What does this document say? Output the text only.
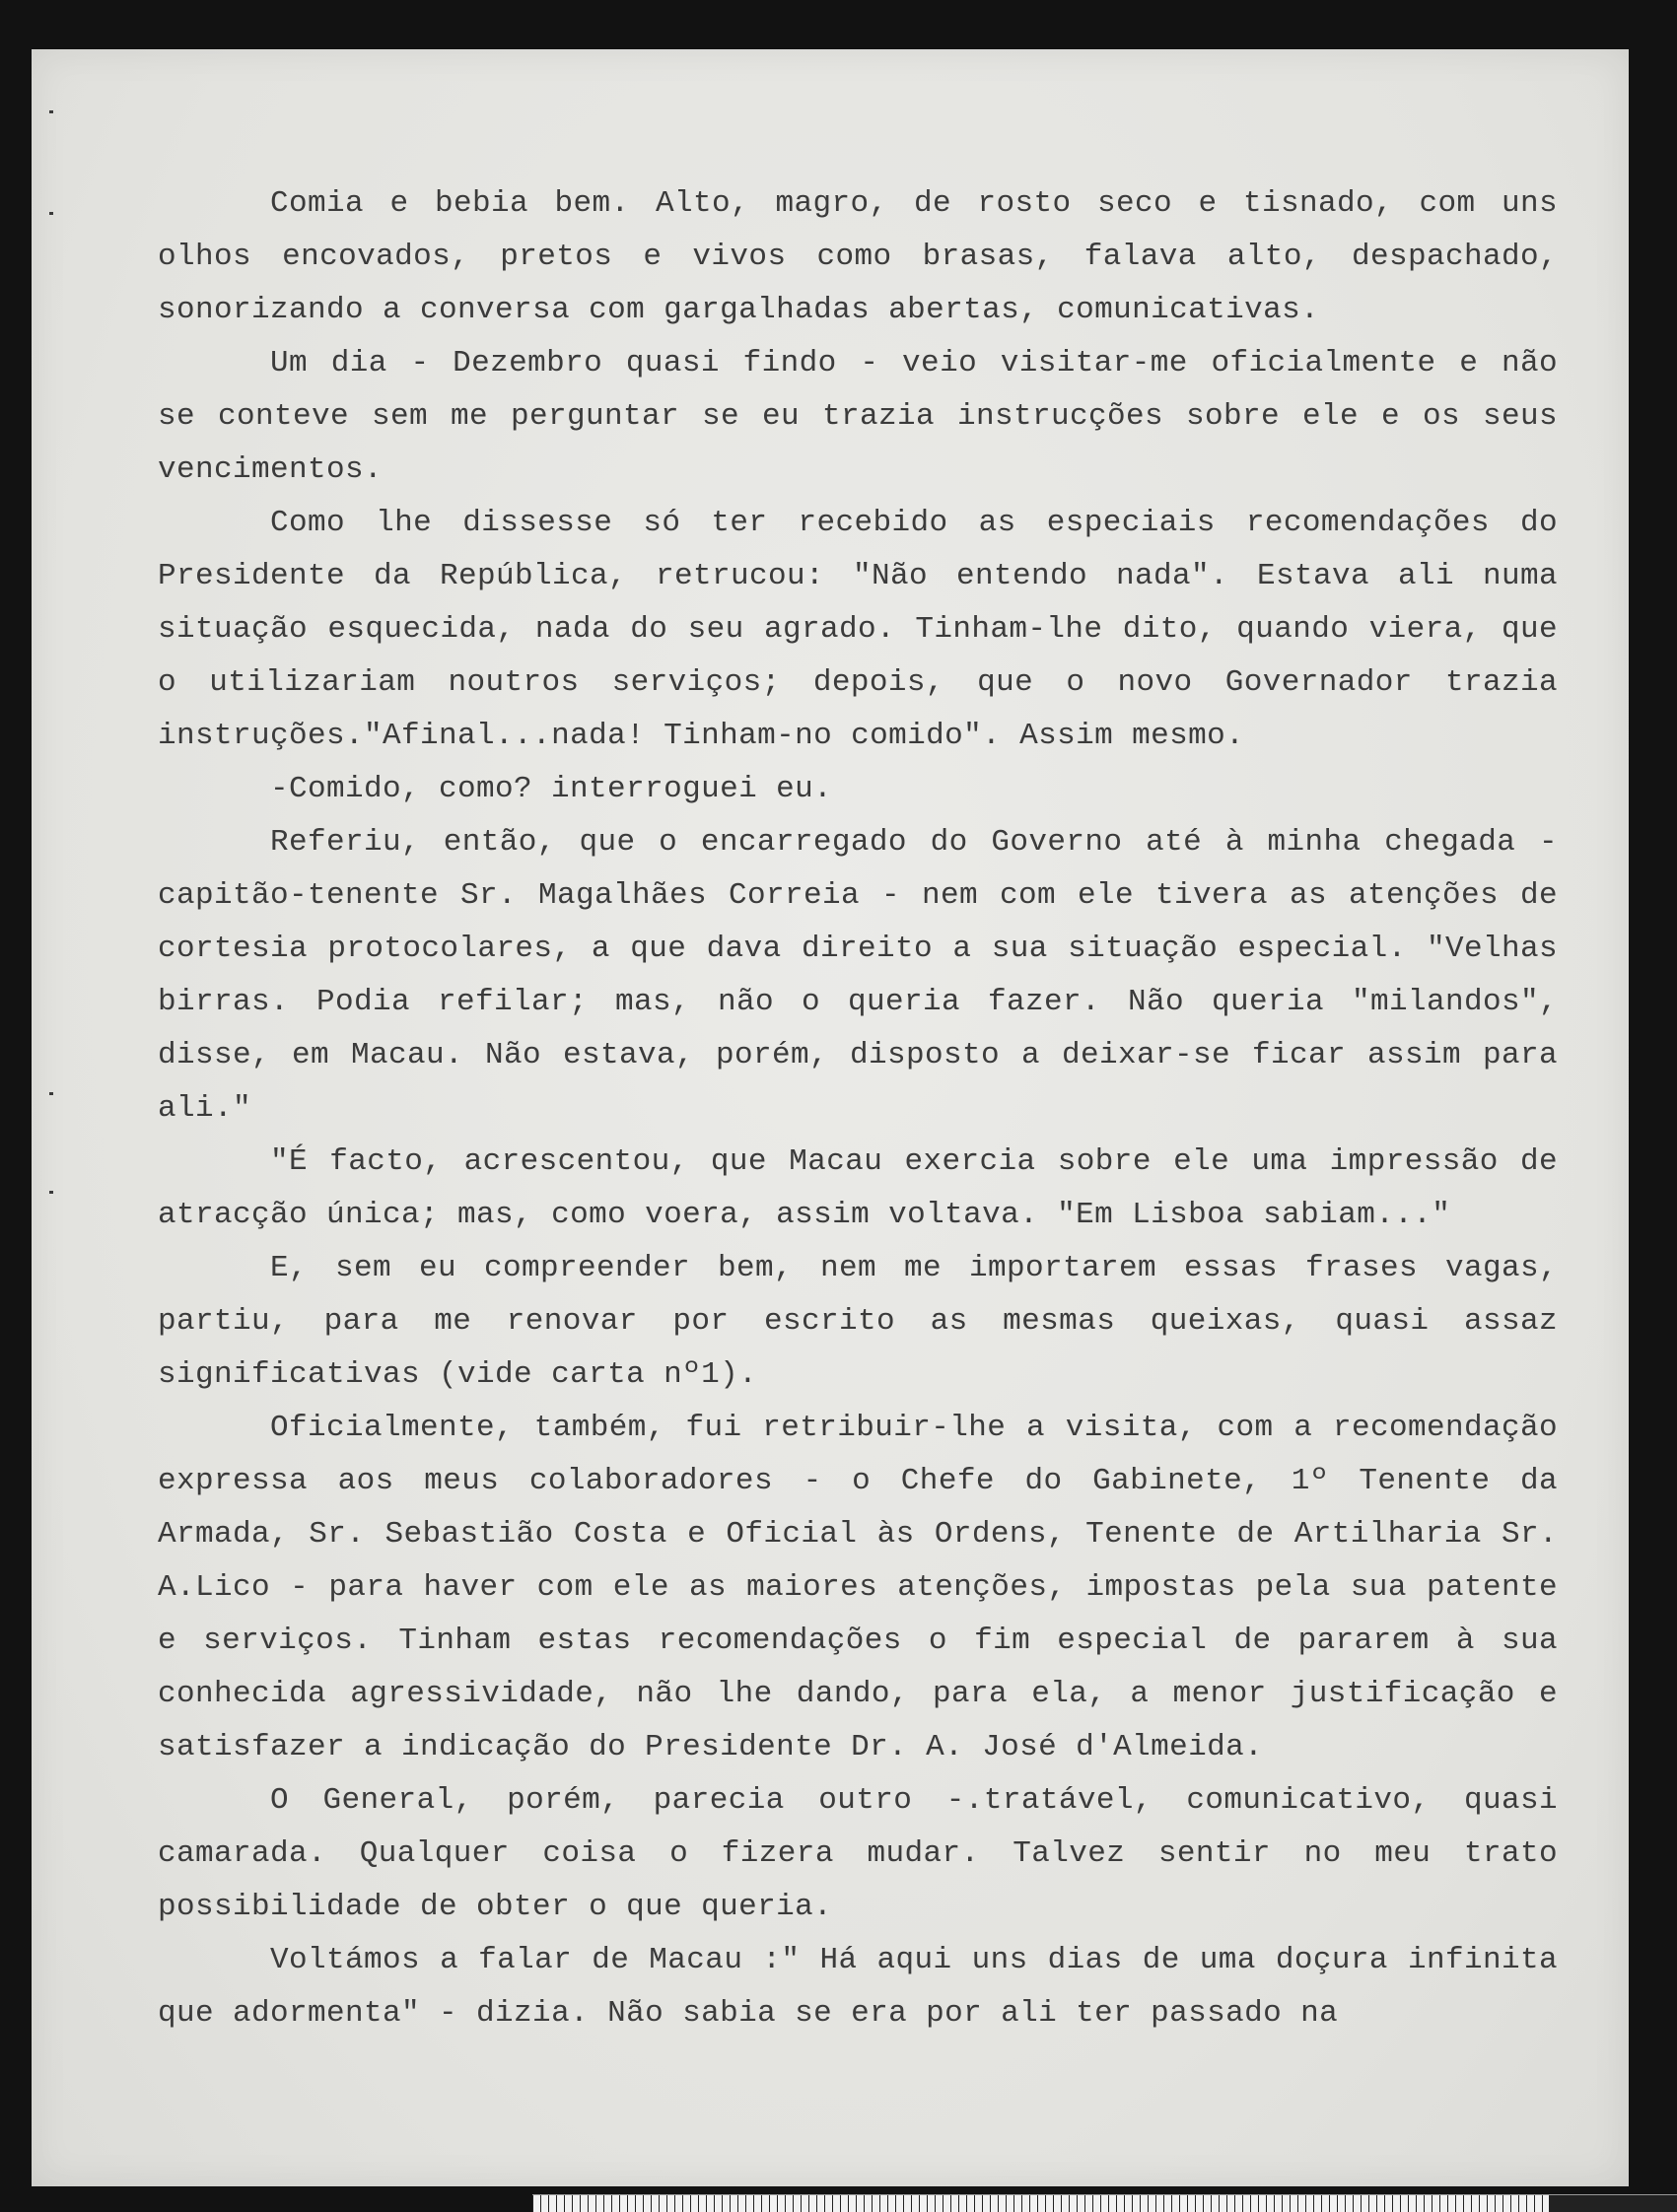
Comia e bebia bem. Alto, magro, de rosto seco e tisnado, com uns olhos encovados, pretos e vivos como brasas, falava alto, despachado, sonorizando a conversa com gargalhadas abertas, comunicativas.

Um dia - Dezembro quasi findo - veio visitar-me oficialmente e não se conteve sem me perguntar se eu trazia instrucções sobre ele e os seus vencimentos.

Como lhe dissesse só ter recebido as especiais recomendações do Presidente da República, retrucou: "Não entendo nada". Estava ali numa situação esquecida, nada do seu agrado. Tinham-lhe dito, quando viera, que o utilizariam noutros serviços; depois, que o novo Governador trazia instruções."Afinal...nada! Tinham-no comido". Assim mesmo.

-Comido, como? interroguei eu.

Referiu, então, que o encarregado do Governo até à minha chegada - capitão-tenente Sr. Magalhães Correia - nem com ele tivera as atenções de cortesia protocolares, a que dava direito a sua situação especial. "Velhas birras. Podia refilar; mas, não o queria fazer. Não queria "milandos", disse, em Macau. Não estava, porém, disposto a deixar-se ficar assim para ali."

"É facto, acrescentou, que Macau exercia sobre ele uma impressão de atracção única; mas, como voera, assim voltava. "Em Lisboa sabiam..."

E, sem eu compreender bem, nem me importarem essas frases vagas, partiu, para me renovar por escrito as mesmas queixas, quasi assaz significativas (vide carta nº1).

Oficialmente, também, fui retribuir-lhe a visita, com a recomendação expressa aos meus colaboradores - o Chefe do Gabinete, 1º Tenente da Armada, Sr. Sebastião Costa e Oficial às Ordens, Tenente de Artilharia Sr. A.Lico - para haver com ele as maiores atenções, impostas pela sua patente e serviços. Tinham estas recomendações o fim especial de pararem à sua conhecida agressividade, não lhe dando, para ela, a menor justificação e satisfazer a indicação do Presidente Dr. A. José d'Almeida.

O General, porém, parecia outro -.tratável, comunicativo, quasi camarada. Qualquer coisa o fizera mudar. Talvez sentir no meu trato possibilidade de obter o que queria.

Voltámos a falar de Macau :" Há aqui uns dias de uma doçura infinita que adormenta" - dizia. Não sabia se era por ali ter passado na
